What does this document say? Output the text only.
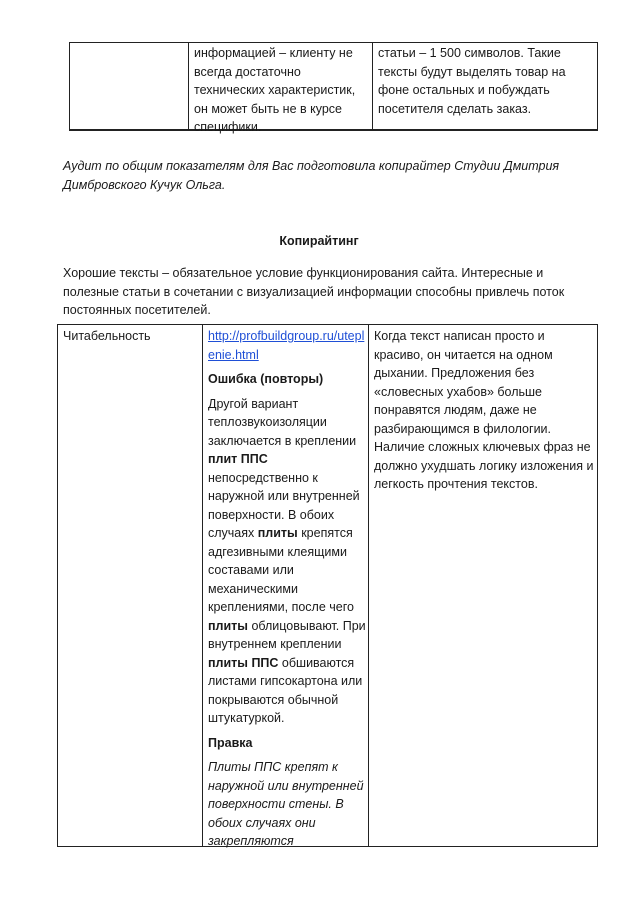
информацией – клиенту не всегда достаточно технических характеристик, он может быть не в курсе специфики.
статьи – 1 500 символов. Такие тексты будут выделять товар на фоне остальных и побуждать посетителя сделать заказ.
Аудит по общим показателям для Вас подготовила копирайтер Студии Дмитрия Димбровского Кучук Ольга.
Копирайтинг
Хорошие тексты – обязательное условие функционирования сайта. Интересные и полезные статьи в сочетании с визуализацией информации способны привлечь поток постоянных посетителей.
Читабельность	http://profbuildgroup.ru/uteplenie.html

Ошибка (повторы)

Другой вариант теплозвукоизоляции заключается в креплении плит ППС непосредственно к наружной или внутренней поверхности. В обоих случаях плиты крепятся адгезивными клеящими составами или механическими креплениями, после чего плиты облицовывают. При внутреннем креплении плиты ППС обшиваются листами гипсокартона или покрываются обычной штукатуркой.

Правка

Плиты ППС крепят к наружной или внутренней поверхности стены. В обоих случаях они закрепляются

Когда текст написан просто и красиво, он читается на одном дыхании. Предложения без «словесных ухабов» больше понравятся людям, даже не разбирающимся в филологии. Наличие сложных ключевых фраз не должно ухудшать логику изложения и легкость прочтения текстов.
